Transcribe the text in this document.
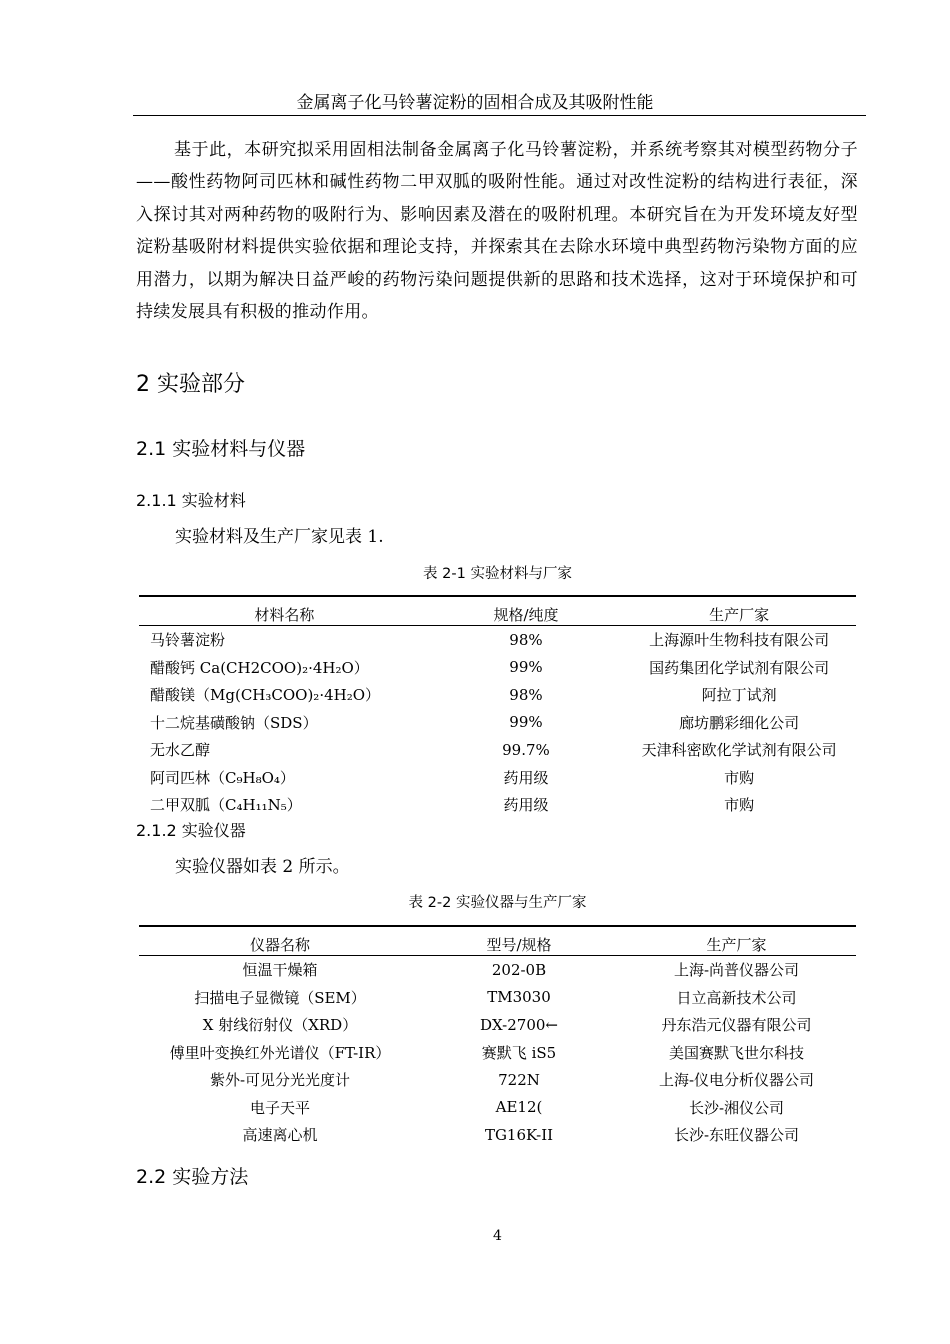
金属离子化马铃薯淀粉的固相合成及其吸附性能

基于此，本研究拟采用固相法制备金属离子化马铃薯淀粉，并系统考察其对模型药物分子——酸性药物阿司匹林和碱性药物二甲双胍的吸附性能。通过对改性淀粉的结构进行表征，深入探讨其对两种药物的吸附行为、影响因素及潜在的吸附机理。本研究旨在为开发环境友好型淀粉基吸附材料提供实验依据和理论支持，并探索其在去除水环境中典型药物污染物方面的应用潜力，以期为解决日益严峻的药物污染问题提供新的思路和技术选择，这对于环境保护和可持续发展具有积极的推动作用。

2 实验部分
2.1 实验材料与仪器
2.1.1 实验材料
实验材料及生产厂家见表 1.
表 2-1 实验材料与厂家
材料名称	规格/纯度	生产厂家
马铃薯淀粉	98%	上海源叶生物科技有限公司
醋酸钙 Ca(CH2COO)₂·4H₂O）	99%	国药集团化学试剂有限公司
醋酸镁（Mg(CH₃COO)₂·4H₂O）	98%	阿拉丁试剂
十二烷基磺酸钠（SDS）	99%	廊坊鹏彩细化公司
无水乙醇	99.7%	天津科密欧化学试剂有限公司
阿司匹林（C₉H₈O₄）	药用级	市购
二甲双胍（C₄H₁₁N₅）	药用级	市购
2.1.2 实验仪器
实验仪器如表 2 所示。
表 2-2 实验仪器与生产厂家
仪器名称	型号/规格	生产厂家
恒温干燥箱	202-0B	上海-尚普仪器公司
扫描电子显微镜（SEM）	TM3030	日立高新技术公司
X 射线衍射仪（XRD）	DX-2700←	丹东浩元仪器有限公司
傅里叶变换红外光谱仪（FT-IR）	赛默飞 iS5	美国赛默飞世尔科技
紫外-可见分光光度计	722N	上海-仪电分析仪器公司
电子天平	AE12(	长沙-湘仪公司
高速离心机	TG16K-II	长沙-东旺仪器公司
2.2 实验方法
4
